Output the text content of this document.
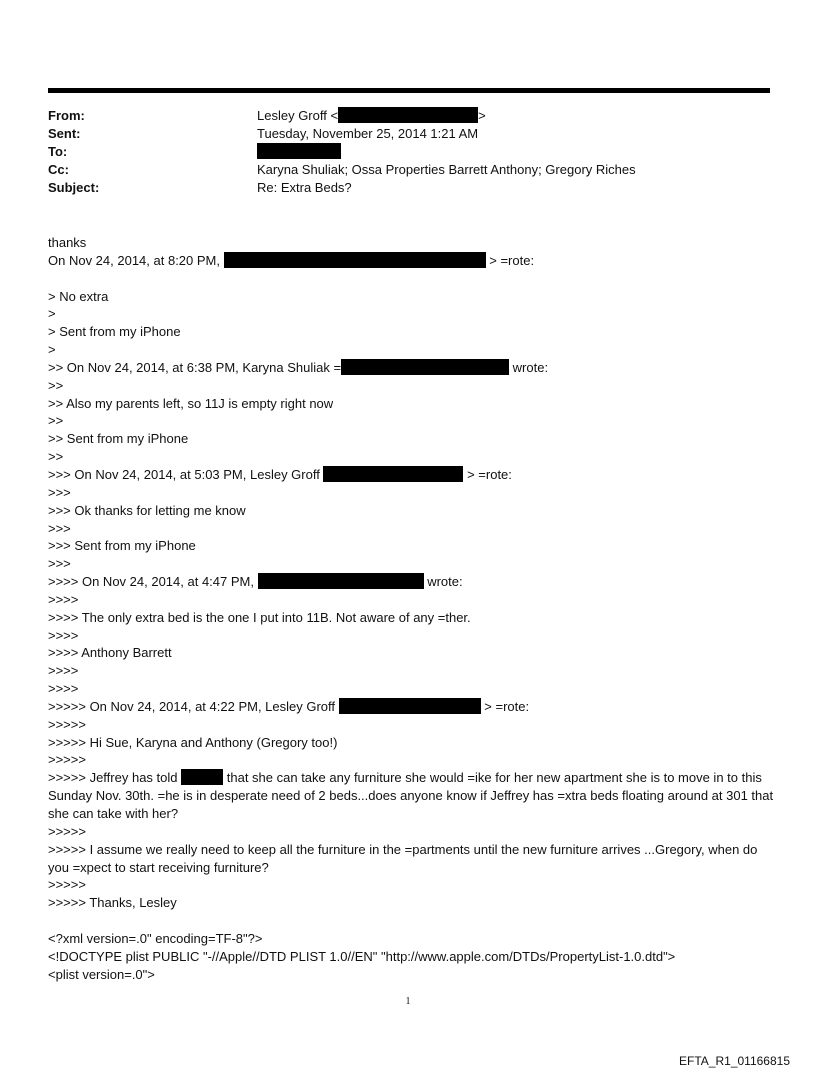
From:	Lesley Groff <	>
Sent:	Tuesday, November 25, 2014 1:21 AM
To:
Cc:	Karyna Shuliak; Ossa Properties Barrett Anthony; Gregory Riches
Subject:	Re: Extra Beds?
thanks
On Nov 24, 2014, at 8:20 PM,	> =rote:
> No extra
>
> Sent from my iPhone
>
>> On Nov 24, 2014, at 6:38 PM, Karyna Shuliak =	wrote:
>>
>> Also my parents left, so 11J is empty right now
>>
>> Sent from my iPhone
>>
>>> On Nov 24, 2014, at 5:03 PM, Lesley Groff	> =rote:
>>>
>>> Ok thanks for letting me know
>>>
>>> Sent from my iPhone
>>>
>>>> On Nov 24, 2014, at 4:47 PM,	wrote:
>>>>
>>>> The only extra bed is the one I put into 11B. Not aware of any =ther.
>>>>
>>>> Anthony Barrett
>>>>
>>>>
>>>>> On Nov 24, 2014, at 4:22 PM, Lesley Groff	> =rote:
>>>>>
>>>>> Hi Sue, Karyna and Anthony (Gregory too!)
>>>>>
>>>>> Jeffrey has told	that she can take any furniture she would =ike for her new apartment she is to move in to this Sunday Nov. 30th. =he is in desperate need of 2 beds...does anyone know if Jeffrey has =xtra beds floating around at 301 that she can take with her?
>>>>>
>>>>> I assume we really need to keep all the furniture in the =partments until the new furniture arrives ...Gregory, when do you =xpect to start receiving furniture?
>>>>>
>>>>> Thanks, Lesley
<?xml version=.0" encoding=TF-8"?>
<!DOCTYPE plist PUBLIC "-//Apple//DTD PLIST 1.0//EN" "http://www.apple.com/DTDs/PropertyList-1.0.dtd">
<plist version=.0">
1
EFTA_R1_01166815
